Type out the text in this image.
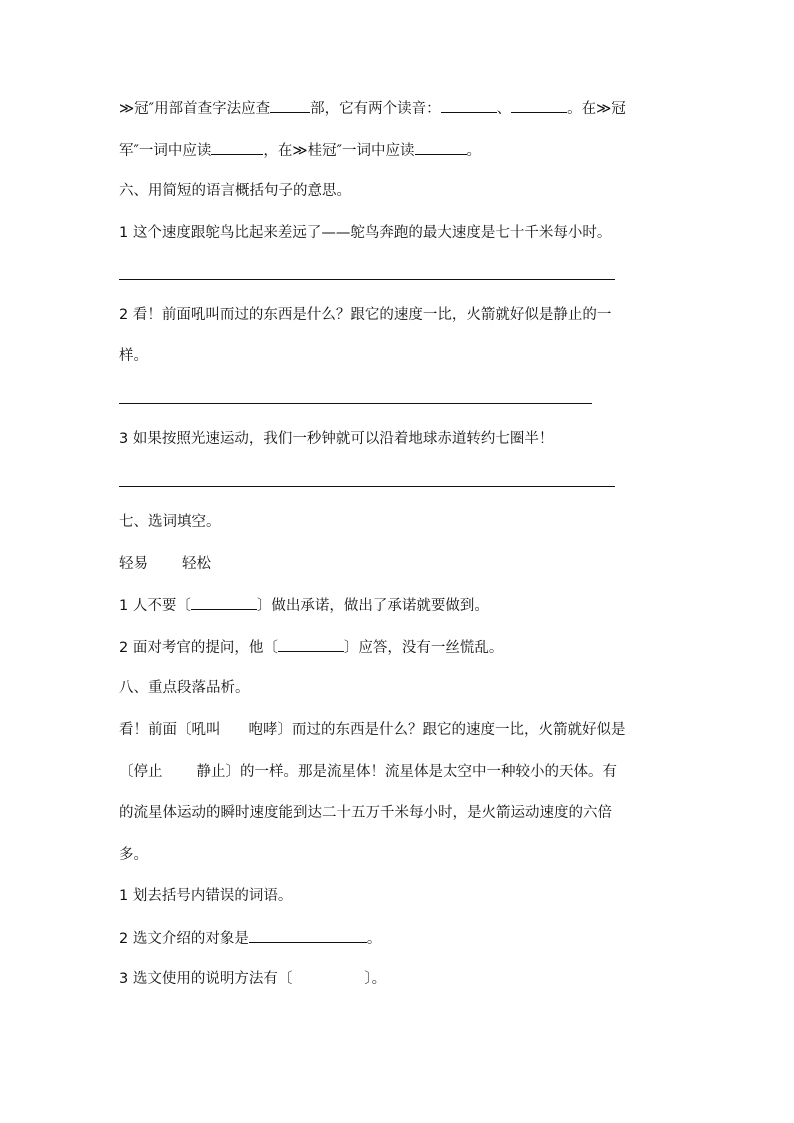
≫冠″用部首查字法应查	部，它有两个读音：	、	。在≫冠
军″一词中应读	，在≫桂冠″一词中应读	。
六、用简短的语言概括句子的意思。
1 这个速度跟鸵鸟比起来差远了——鸵鸟奔跑的最大速度是七十千米每小时。
2 看！前面吼叫而过的东西是什么？跟它的速度一比，火箭就好似是静止的一
样。
3 如果按照光速运动，我们一秒钟就可以沿着地球赤道转约七圈半！
七、选词填空。
轻易 轻松
1 人不要〔	〕做出承诺，做出了承诺就要做到。
2 面对考官的提问，他〔	〕应答，没有一丝慌乱。
八、重点段落品析。
看！前面〔吼叫 咆哮〕而过的东西是什么？跟它的速度一比，火箭就好似是
〔停止 静止〕的一样。那是流星体！流星体是太空中一种较小的天体。有
的流星体运动的瞬时速度能到达二十五万千米每小时，是火箭运动速度的六倍
多。
1 划去括号内错误的词语。
2 选文介绍的对象是	。
3 选文使用的说明方法有〔	〕。
